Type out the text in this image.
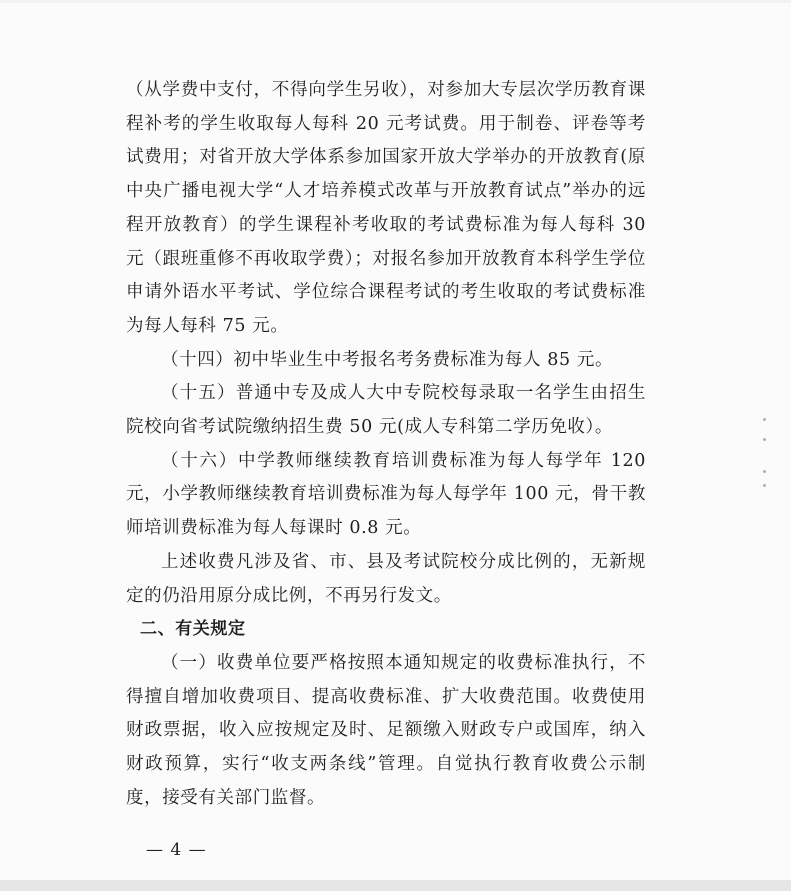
（从学费中支付，不得向学生另收），对参加大专层次学历教育课程补考的学生收取每人每科 20 元考试费。用于制卷、评卷等考试费用；对省开放大学体系参加国家开放大学举办的开放教育(原中央广播电视大学“人才培养模式改革与开放教育试点”举办的远程开放教育）的学生课程补考收取的考试费标准为每人每科 30 元（跟班重修不再收取学费）；对报名参加开放教育本科学生学位申请外语水平考试、学位综合课程考试的考生收取的考试费标准为每人每科 75 元。

（十四）初中毕业生中考报名考务费标准为每人 85 元。

（十五）普通中专及成人大中专院校每录取一名学生由招生院校向省考试院缴纳招生费 50 元(成人专科第二学历免收）。

（十六）中学教师继续教育培训费标准为每人每学年 120 元，小学教师继续教育培训费标准为每人每学年 100 元，骨干教师培训费标准为每人每课时 0.8 元。

上述收费凡涉及省、市、县及考试院校分成比例的，无新规定的仍沿用原分成比例，不再另行发文。

二、有关规定

（一）收费单位要严格按照本通知规定的收费标准执行，不得擅自增加收费项目、提高收费标准、扩大收费范围。收费使用财政票据，收入应按规定及时、足额缴入财政专户或国库，纳入财政预算，实行“收支两条线”管理。自觉执行教育收费公示制度，接受有关部门监督。

— 4 —
